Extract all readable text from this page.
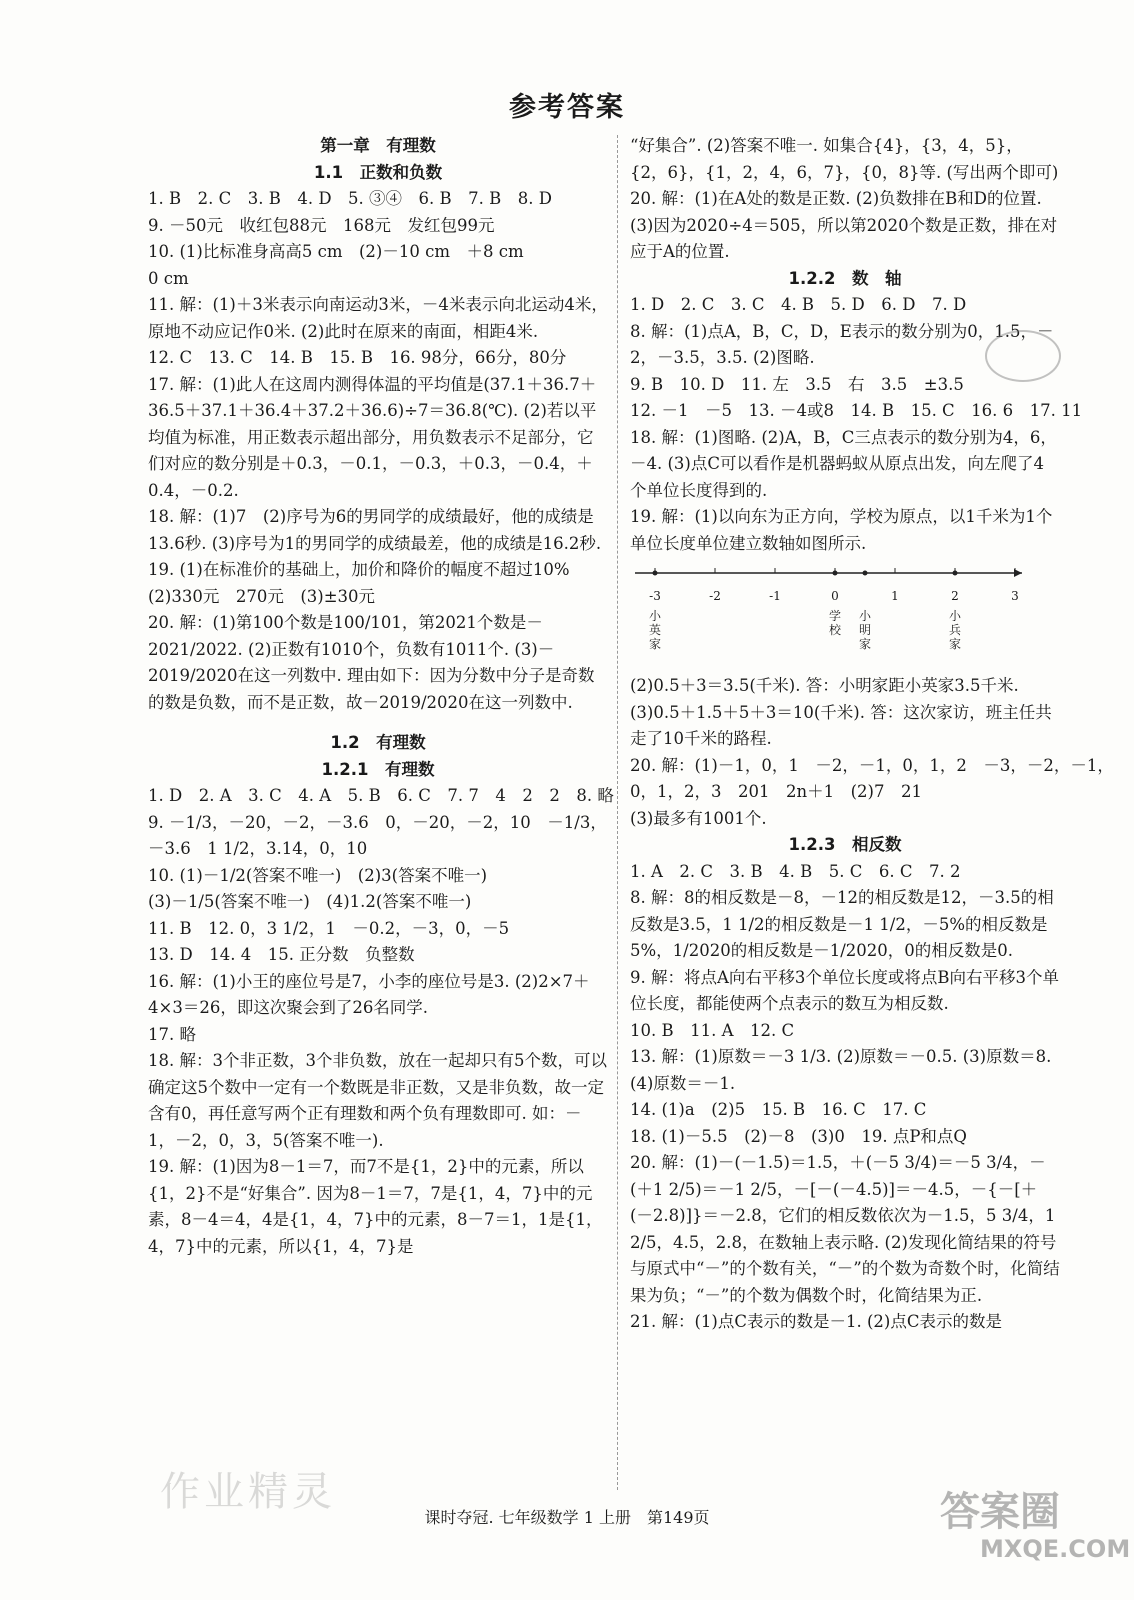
参考答案
第一章　有理数
1.1　正数和负数
1. B　2. C　3. B　4. D　5. ③④　6. B　7. B　8. D
9. －50元　收红包88元　168元　发红包99元
10. (1)比标准身高高5 cm　(2)－10 cm　＋8 cm
0 cm
11. 解：(1)＋3米表示向南运动3米，－4米表示向北运动4米，原地不动应记作0米. (2)此时在原来的南面，相距4米.
12. C　13. C　14. B　15. B　16. 98分，66分，80分
17. 解：(1)此人在这周内测得体温的平均值是(37.1＋36.7＋36.5＋37.1＋36.4＋37.2＋36.6)÷7＝36.8(℃). (2)若以平均值为标准，用正数表示超出部分，用负数表示不足部分，它们对应的数分别是＋0.3，－0.1，－0.3，＋0.3，－0.4，＋0.4，－0.2.
18. 解：(1)7　(2)序号为6的男同学的成绩最好，他的成绩是13.6秒. (3)序号为1的男同学的成绩最差，他的成绩是16.2秒.
19. (1)在标准价的基础上，加价和降价的幅度不超过10%　(2)330元　270元　(3)±30元
20. 解：(1)第100个数是100/101，第2021个数是－2021/2022. (2)正数有1010个，负数有1011个. (3)－2019/2020在这一列数中. 理由如下：因为分数中分子是奇数的数是负数，而不是正数，故－2019/2020在这一列数中.
1.2　有理数
1.2.1　有理数
1. D　2. A　3. C　4. A　5. B　6. C　7. 7　4　2　2　8. 略
9. －1/3，－20，－2，－3.6　0，－20，－2，10　－1/3，－3.6　1 1/2，3.14，0，10
10. (1)－1/2(答案不唯一)　(2)3(答案不唯一)
(3)－1/5(答案不唯一)　(4)1.2(答案不唯一)
11. B　12. 0，3 1/2，1　－0.2，－3，0，－5
13. D　14. 4　15. 正分数　负整数
16. 解：(1)小王的座位号是7，小李的座位号是3. (2)2×7＋4×3＝26，即这次聚会到了26名同学.
17. 略
18. 解：3个非正数，3个非负数，放在一起却只有5个数，可以确定这5个数中一定有一个数既是非正数，又是非负数，故一定含有0，再任意写两个正有理数和两个负有理数即可. 如：－1，－2，0，3，5(答案不唯一).
19. 解：(1)因为8－1＝7，而7不是{1，2}中的元素，所以{1，2}不是“好集合”. 因为8－1＝7，7是{1，4，7}中的元素，8－4＝4，4是{1，4，7}中的元素，8－7＝1，1是{1，4，7}中的元素，所以{1，4，7}是
“好集合”. (2)答案不唯一. 如集合{4}，{3，4，5}，{2，6}，{1，2，4，6，7}，{0，8}等. (写出两个即可)
20. 解：(1)在A处的数是正数. (2)负数排在B和D的位置. (3)因为2020÷4＝505，所以第2020个数是正数，排在对应于A的位置.
1.2.2　数　轴
1. D　2. C　3. C　4. B　5. D　6. D　7. D
8. 解：(1)点A，B，C，D，E表示的数分别为0，1.5，－2，－3.5，3.5. (2)图略.
9. B　10. D　11. 左　3.5　右　3.5　±3.5
12. －1　－5　13. －4或8　14. B　15. C　16. 6　17. 11
18. 解：(1)图略. (2)A，B，C三点表示的数分别为4，6，－4. (3)点C可以看作是机器蚂蚁从原点出发，向左爬了4个单位长度得到的.
19. 解：(1)以向东为正方向，学校为原点，以1千米为1个单位长度单位建立数轴如图所示.
-3	-2	-1	0	1	2	3
小英家
学校
小明家
小兵家
(2)0.5＋3＝3.5(千米). 答：小明家距小英家3.5千米. (3)0.5＋1.5＋5＋3＝10(千米). 答：这次家访，班主任共走了10千米的路程.
20. 解：(1)－1，0，1　－2，－1，0，1，2　－3，－2，－1，
0，1，2，3　201　2n＋1　(2)7　21
(3)最多有1001个.
1.2.3　相反数
1. A　2. C　3. B　4. B　5. C　6. C　7. 2
8. 解：8的相反数是－8，－12的相反数是12，－3.5的相反数是3.5，1 1/2的相反数是－1 1/2，－5%的相反数是5%，1/2020的相反数是－1/2020，0的相反数是0.
9. 解：将点A向右平移3个单位长度或将点B向右平移3个单位长度，都能使两个点表示的数互为相反数.
10. B　11. A　12. C
13. 解：(1)原数＝－3 1/3. (2)原数＝－0.5. (3)原数＝8. (4)原数＝－1.
14. (1)a　(2)5　15. B　16. C　17. C
18. (1)－5.5　(2)－8　(3)0　19. 点P和点Q
20. 解：(1)－(－1.5)＝1.5，＋(－5 3/4)＝－5 3/4，－(＋1 2/5)＝－1 2/5，－[－(－4.5)]＝－4.5，－{－[＋(－2.8)]}＝－2.8，它们的相反数依次为－1.5，5 3/4，1 2/5，4.5，2.8，在数轴上表示略. (2)发现化简结果的符号与原式中“－”的个数有关，“－”的个数为奇数个时，化简结果为负；“－”的个数为偶数个时，化简结果为正.
21. 解：(1)点C表示的数是－1. (2)点C表示的数是
课时夺冠. 七年级数学 1 上册　第149页
作业精灵	答案圈
MXQE.COM
